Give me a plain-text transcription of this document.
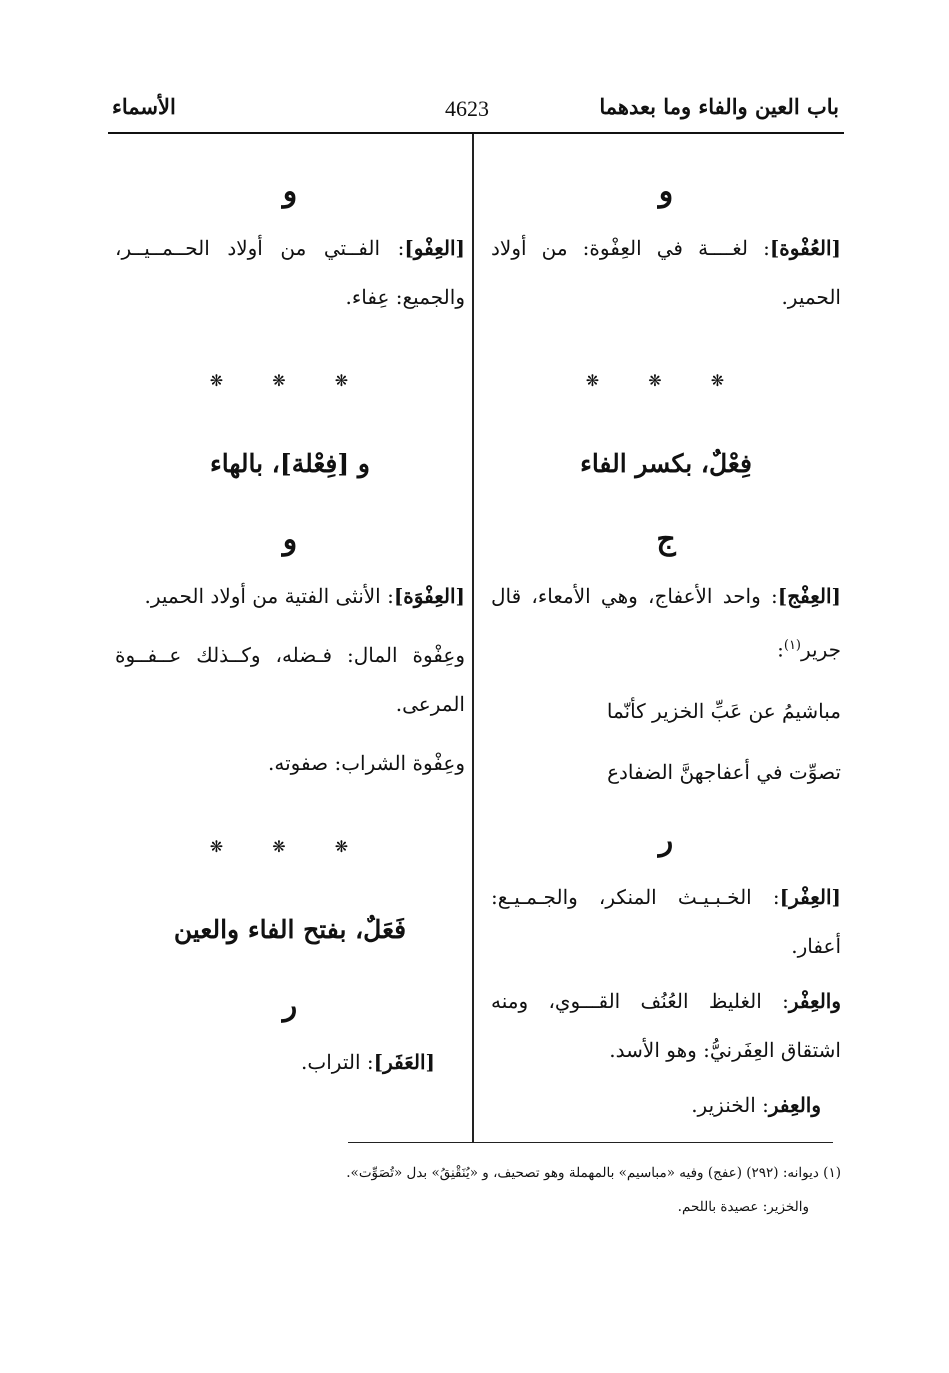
باب العين والفاء وما بعدهما
4623
الأسماء

و

[العُفْوة]: لغــــة في العِفْوة: من أولاد الحمير.

❋ ❋ ❋

فِعْلٌ، بكسر الفاء

ج

[العِفْج]: واحد الأعفاج، وهي الأمعاء، قال جرير$^{(١)}$:

مباشيمُ عن عَبِّ الخزير كأنّما

تصوِّت في أعفاجهنَّ الضفادع

ر

[العِفْر]: الخـبـيـث المنكر، والجـمـيـع: أعفار.

والعِفْر: الغليظ العُنُف القـــوي، ومنه اشتقاق العِفَرنيُّ: وهو الأسد.

والعِفر: الخنزير.

و

[العِفْو]: الفــتي من أولاد الحــمــيــر، والجميع: عِفاء.

❋ ❋ ❋

و [فِعْلة]، بالهاء

و

[العِفْوَة]: الأنثى الفتية من أولاد الحمير.

وعِفْوة المال: فـضله، وكــذلك عــفــوة المرعى.

وعِفْوة الشراب: صفوته.

❋ ❋ ❋

فَعَلٌ، بفتح الفاء والعين

ر

[العَفَر]: التراب.

(١) ديوانه: (٢٩٢) (عفج) وفيه «مباسيم» بالمهملة وهو تصحيف، و «يُنَقْنِقُ» بدل «تُصَوِّت».
والخزير: عصيدة باللحم.
